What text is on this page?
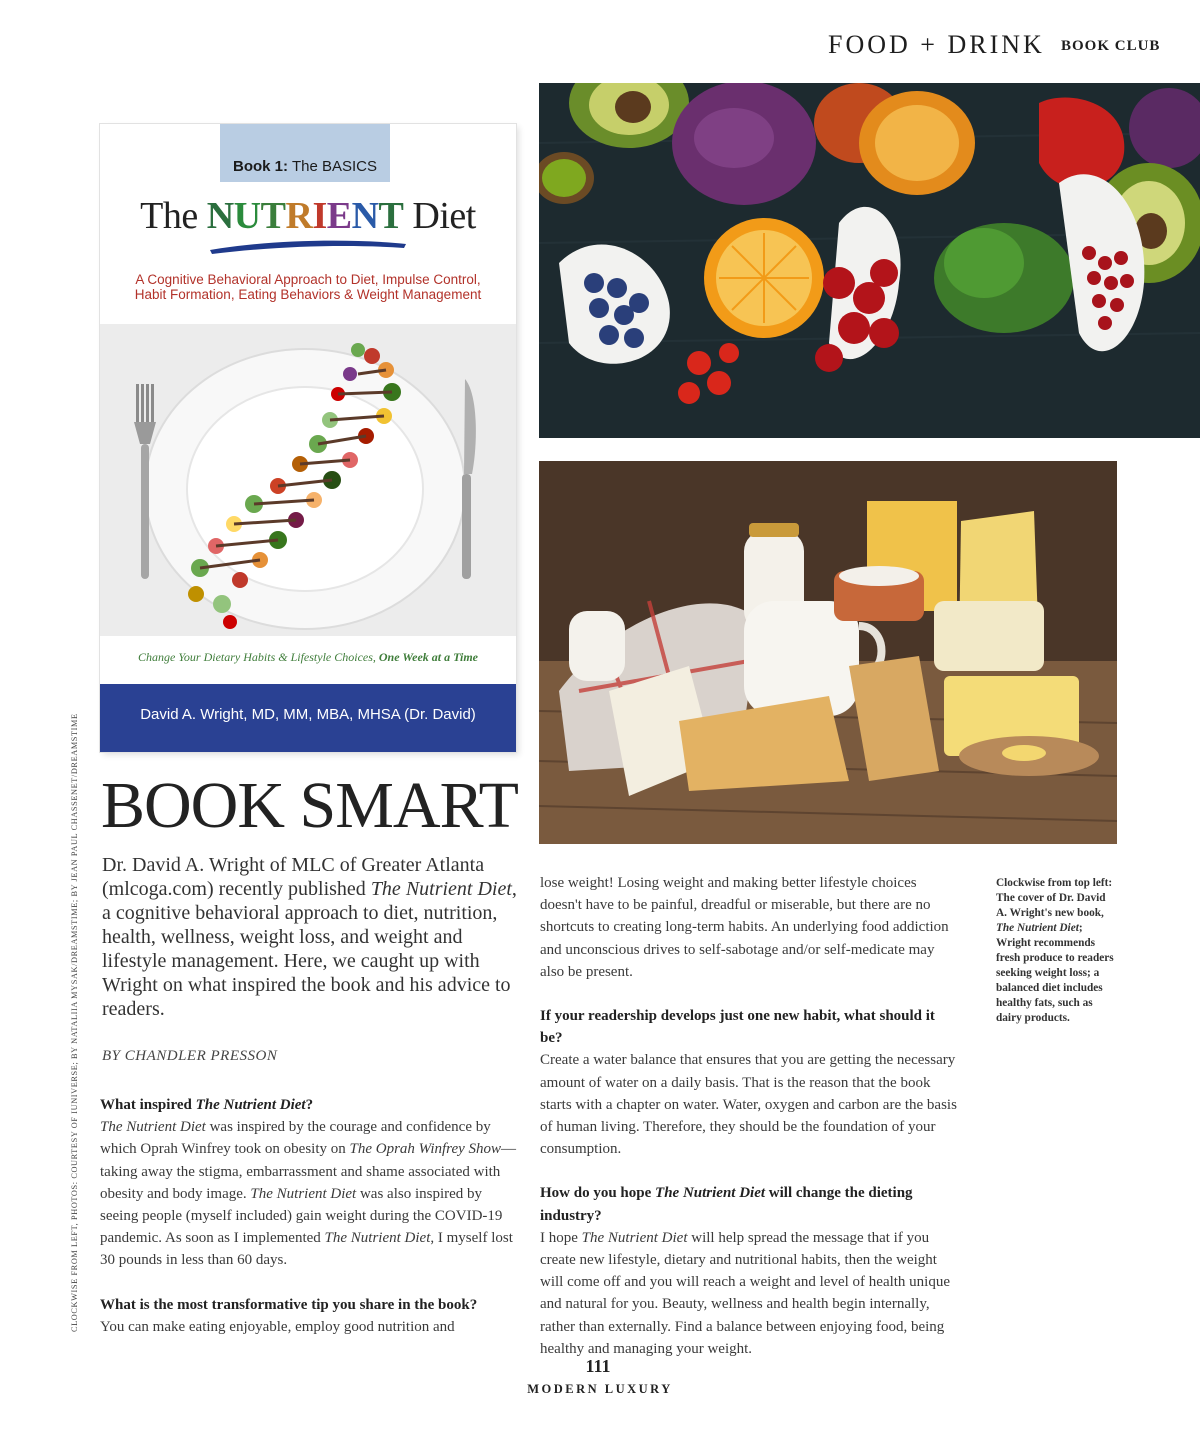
FOOD + DRINK BOOK CLUB
Book 1: The BASICS
The NUTRIENT Diet
A Cognitive Behavioral Approach to Diet, Impulse Control,
Habit Formation, Eating Behaviors & Weight Management
Change Your Dietary Habits & Lifestyle Choices, One Week at a Time
David A. Wright, MD, MM, MBA, MHSA (Dr. David)
CLOCKWISE FROM LEFT, PHOTOS: COURTESY OF IUNIVERSE; BY NATALIIA MYSAK/DREAMSTIME; BY JEAN PAUL CHASSENET/DREAMSTIME BOOK SMART
Dr. David A. Wright of MLC of Greater Atlanta (mlcoga.com) recently published The Nutrient Diet, a cognitive behavioral approach to diet, nutrition, health, wellness, weight loss, and weight and lifestyle management. Here, we caught up with Wright on what inspired the book and his advice to readers.
BY CHANDLER PRESSON
What inspired The Nutrient Diet?
The Nutrient Diet was inspired by the courage and confidence by which Oprah Winfrey took on obesity on The Oprah Winfrey Show—taking away the stigma, embarrassment and shame associated with obesity and body image. The Nutrient Diet was also inspired by seeing people (myself included) gain weight during the COVID-19 pandemic. As soon as I implemented The Nutrient Diet, I myself lost 30 pounds in less than 60 days.
What is the most transformative tip you share in the book?
You can make eating enjoyable, employ good nutrition and
lose weight! Losing weight and making better lifestyle choices doesn't have to be painful, dreadful or miserable, but there are no shortcuts to creating long-term habits. An underlying food addiction and unconscious drives to self-sabotage and/or self-medicate may also be present.
If your readership develops just one new habit, what should it be?
Create a water balance that ensures that you are getting the necessary amount of water on a daily basis. That is the reason that the book starts with a chapter on water. Water, oxygen and carbon are the basis of human living. Therefore, they should be the foundation of your consumption.
How do you hope The Nutrient Diet will change the dieting industry?
I hope The Nutrient Diet will help spread the message that if you create new lifestyle, dietary and nutritional habits, then the weight will come off and you will reach a weight and level of health unique and natural for you. Beauty, wellness and health begin internally, rather than externally. Find a balance between enjoying food, being healthy and managing your weight.
Clockwise from top left: The cover of Dr. David A. Wright's new book, The Nutrient Diet; Wright recommends fresh produce to readers seeking weight loss; a balanced diet includes healthy fats, such as dairy products.
111
MODERN LUXURY
